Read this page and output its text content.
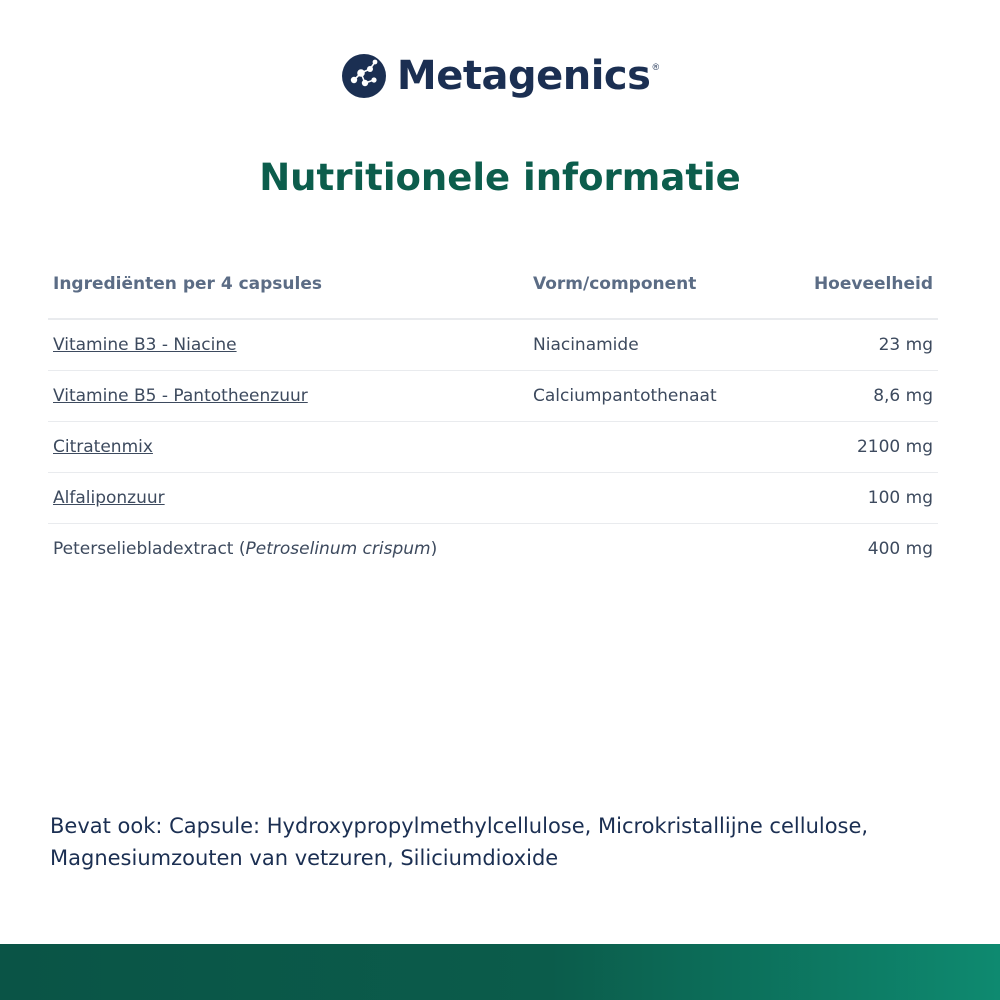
Metagenics ®
Nutritionele informatie
Ingrediënten per 4 capsules	Vorm/component	Hoeveelheid
Vitamine B3 - Niacine	Niacinamide	23 mg
Vitamine B5 - Pantotheenzuur	Calciumpantothenaat	8,6 mg
Citratenmix		2100 mg
Alfaliponzuur		100 mg
Peterseliebladextract (Petroselinum crispum)		400 mg
Bevat ook: Capsule: Hydroxypropylmethylcellulose, Microkristallijne cellulose, Magnesiumzouten van vetzuren, Siliciumdioxide
